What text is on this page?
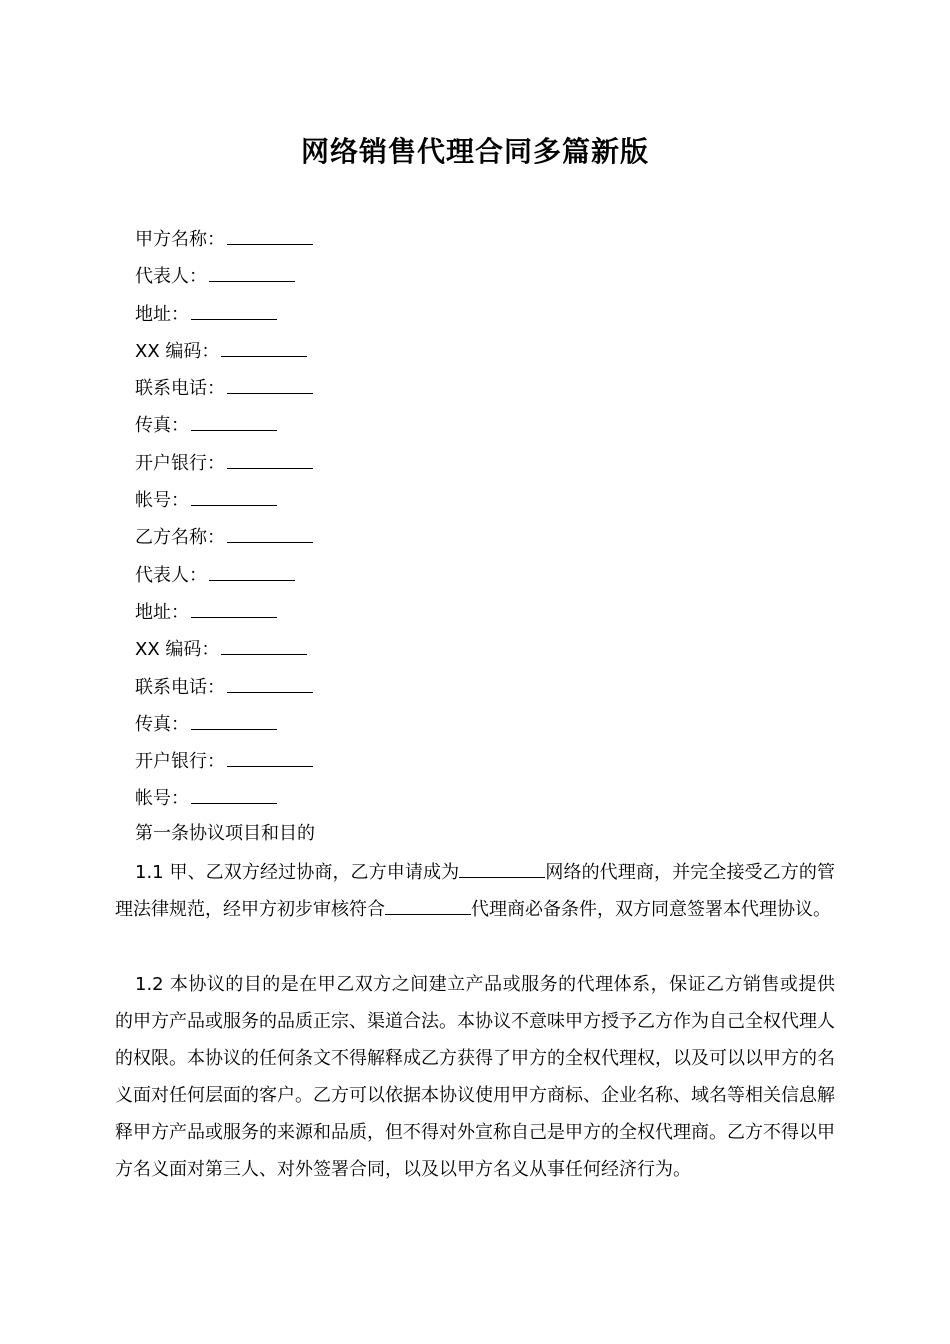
网络销售代理合同多篇新版
甲方名称：
代表人：
地址：
XX 编码：
联系电话：
传真：
开户银行：
帐号：
乙方名称：
代表人：
地址：
XX 编码：
联系电话：
传真：
开户银行：
帐号：
第一条协议项目和目的
1.1 甲、乙双方经过协商，乙方申请成为	网络的代理商，并完全接受乙方的管理法律规范，经甲方初步审核符合	代理商必备条件，双方同意签署本代理协议。
1.2 本协议的目的是在甲乙双方之间建立产品或服务的代理体系，保证乙方销售或提供的甲方产品或服务的品质正宗、渠道合法。本协议不意味甲方授予乙方作为自己全权代理人的权限。本协议的任何条文不得解释成乙方获得了甲方的全权代理权，以及可以以甲方的名义面对任何层面的客户。乙方可以依据本协议使用甲方商标、企业名称、域名等相关信息解释甲方产品或服务的来源和品质，但不得对外宣称自己是甲方的全权代理商。乙方不得以甲方名义面对第三人、对外签署合同，以及以甲方名义从事任何经济行为。
